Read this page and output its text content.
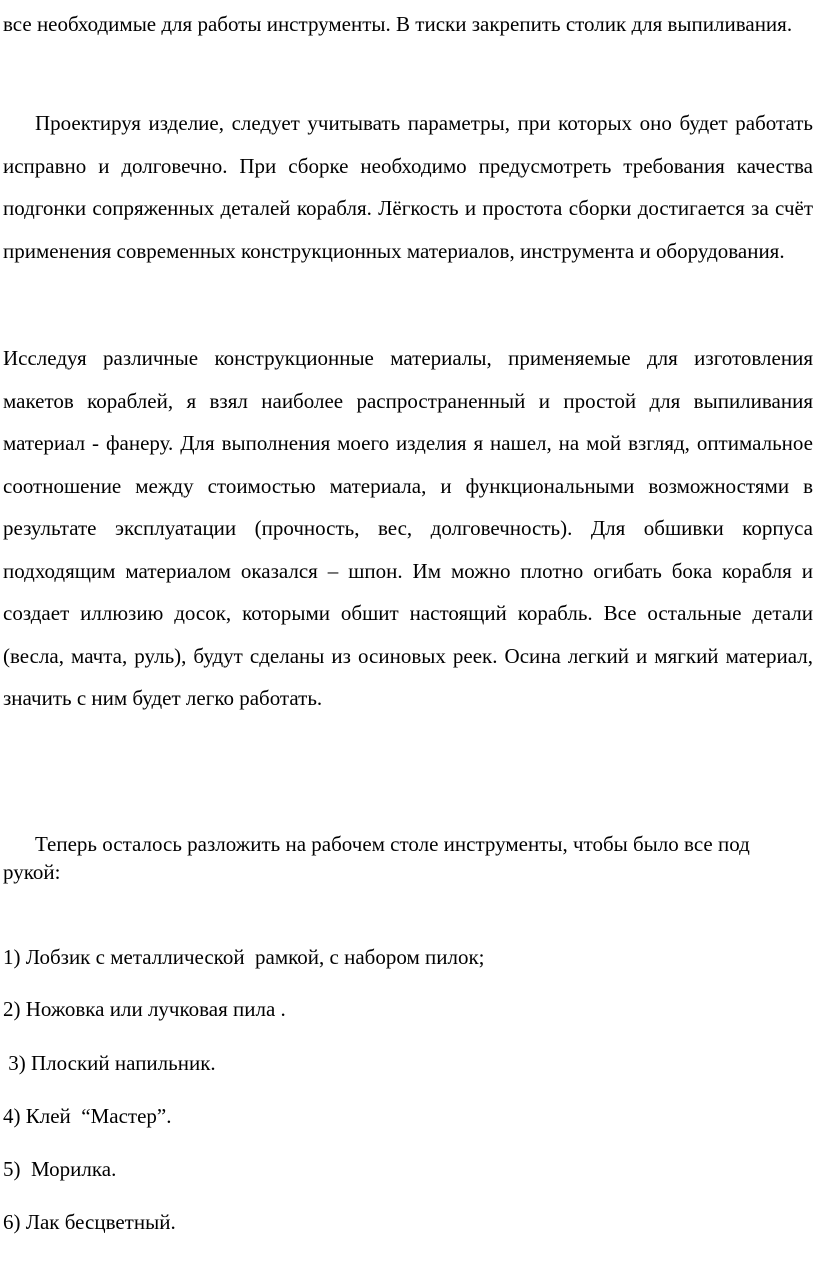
все необходимые для работы инструменты. В тиски закрепить столик для выпиливания.

Проектируя изделие, следует учитывать параметры, при которых оно будет работать исправно и долговечно. При сборке необходимо предусмотреть требования качества подгонки сопряженных деталей корабля. Лёгкость и простота сборки достигается за счёт применения современных конструкционных материалов, инструмента и оборудования.

Исследуя различные конструкционные материалы, применяемые для изготовления макетов кораблей, я взял наиболее распространенный и простой для выпиливания материал - фанеру. Для выполнения моего изделия я нашел, на мой взгляд, оптимальное соотношение между стоимостью материала, и функциональными возможностями в результате эксплуатации (прочность, вес, долговечность). Для обшивки корпуса подходящим материалом оказался – шпон. Им можно плотно огибать бока корабля и создает иллюзию досок, которыми обшит настоящий корабль. Все остальные детали (весла, мачта, руль), будут сделаны из осиновых реек. Осина легкий и мягкий материал, значить с ним будет легко работать.

Теперь осталось разложить на рабочем столе инструменты, чтобы было все под рукой:

1) Лобзик с металлической  рамкой, с набором пилок;

2) Ножовка или лучковая пила .

3) Плоский напильник.

4) Клей  “Мастер”.

5)  Морилка.

6) Лак бесцветный.
